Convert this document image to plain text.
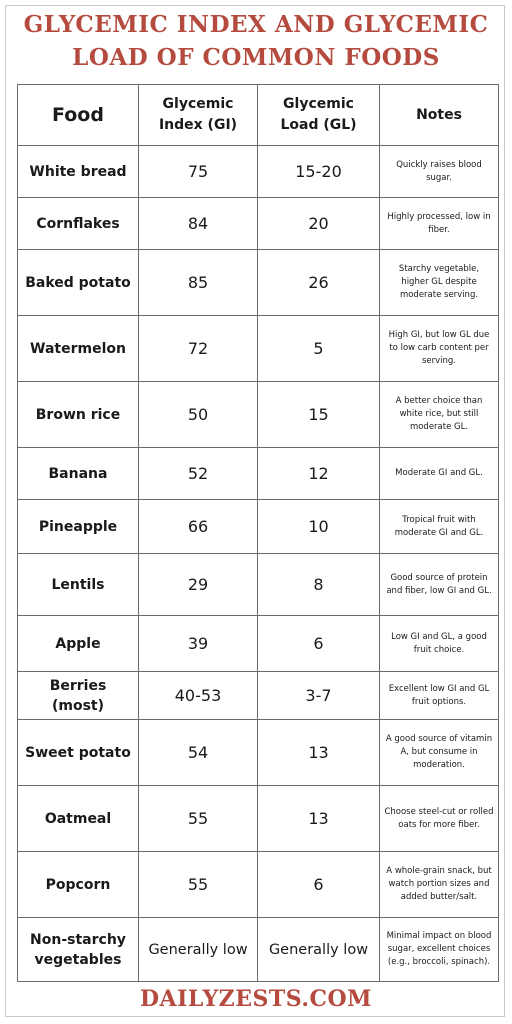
GLYCEMIC INDEX AND GLYCEMIC
LOAD OF COMMON FOODS
Food	Glycemic Index (GI)	Glycemic Load (GL)	Notes
White bread	75	15-20	Quickly raises blood sugar.
Cornflakes	84	20	Highly processed, low in fiber.
Baked potato	85	26	Starchy vegetable, higher GL despite moderate serving.
Watermelon	72	5	High GI, but low GL due to low carb content per serving.
Brown rice	50	15	A better choice than white rice, but still moderate GL.
Banana	52	12	Moderate GI and GL.
Pineapple	66	10	Tropical fruit with moderate GI and GL.
Lentils	29	8	Good source of protein and fiber, low GI and GL.
Apple	39	6	Low GI and GL, a good fruit choice.
Berries (most)	40-53	3-7	Excellent low GI and GL fruit options.
Sweet potato	54	13	A good source of vitamin A, but consume in moderation.
Oatmeal	55	13	Choose steel-cut or rolled oats for more fiber.
Popcorn	55	6	A whole-grain snack, but watch portion sizes and added butter/salt.
Non-starchy vegetables	Generally low	Generally low	Minimal impact on blood sugar, excellent choices (e.g., broccoli, spinach).
DAILYZESTS.COM
